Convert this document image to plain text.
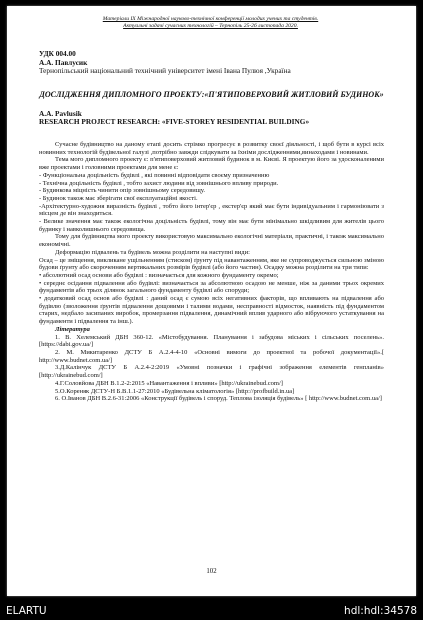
Матеріали ІХ Міжнародної науково-технічної конференції молодих учених та студентів.
Актуальні задачі сучасних технологій – Тернопіль 25-26 листопада 2020.
УДК 004.00
А.А. Павлусик
Тернопільський національний технічний університет імені Івана Пулюя ,Україна
ДОСЛІДЖЕННЯ ДИПЛОМНОГО ПРОЕКТУ:«П'ЯТИПОВЕРХОВИЙ ЖИТЛОВИЙ БУДИНОК»
A.A. Pavlusik
RESEARCH PROJECT RESEARCH: «FIVE-STOREY RESIDENTIAL BUILDING»

Сучасне будівництво на даному етапі досить стрімко прогресує в розвитку своєї діяльності, і щоб бути в курсі всіх новинних технологій будівельної галузі ,потрібно завжди слідкувати за їхніми дослідженнями,винаходами і новинами.

Тема мого дипломного проекту є: п'ятиповерховий житловий будинок в м. Києві. Я проектую його за удосконаленими вже проектами і головними проектами для мене є:

- Функціональна доцільність будівлі , які повинні відповідати своєму призначенню

- Технічна доцільність будівлі , тобто захист людини від зовнішнього впливу природи.

- Будинкова міцність чинити опір зовнішньому середовищу.

- Будинок також має зберігати свої експлуатаційні якості.

-Архітектурно-художня виразність будівлі , тобто його інтер'єр , екстер'єр який має бути індивідуальним і гармоніювати з місцем де він знаходиться.

- Велике значення має також екологічна доцільність будівлі, тому він має бути мінімально шкідливим для жителів цього будинку і навколишнього середовища.

Тому для будівництва мого проекту використовую максимально екологічні матеріали, практичні, і також максимально економічні.

Деформацію підвалень та будівель можна розділити на наступні види:

Осад – це зміщення, викликане ущільненням (стиском) ґрунту під навантаженням, яке не супроводжується сильною зміною будови ґрунту або скороченням вертикальних розмірів будівлі (або його частин). Осадку можна розділити на три типи:

• абсолютний осад основи або будівлі : визначається для кожного фундаменту окремо;

• середнє осідання підвалення або будівлі: визначається за абсолютною осадою не менше, ніж за даними трьох окремих фундаментів або трьох ділянок загального фундаменту будівлі або споруди;

• додатковий осад основ або будівлі : даний осад є сумою всіх негативних факторів, що впливають на підвалення або будівлю (зволоження ґрунтів підвалення дощовими і талими водами, несправності відмосток, наявність під фундаментом старих, недбало засипаних виробок, промерзання підвалення, динамічний вплив ударного або вібруючого устаткування на фундаменти і підвалення та інш.).

Література

1. В. Хелемський ДБН 360-12. «Містобудування. Планування і забудова міських і сільських поселень». [https://dabi.gov.ua/]

2. М. Микитаренко ДСТУ Б А.2.4-4-10 «Основні вимоги до проектної та робочої документації».[ http://www.budnet.com.ua/]

3.Д.Калінчук ДСТУ Б А.2.4-2:2019 «Умовні позначки і графічні зображення елементів генпланів» [http://ukrainebud.com/]

4.Г.Соловйова ДБН В.1.2-2:2015 «Навантаження і впливи» [http://ukrainebud.com/]

5.О.Кореняк ДСТУ-Н Б.В.1.1-27:2010 «Будівельна кліматологія» [http://profbuild.in.ua]

6. О.Іванов ДБН В.2.6-31:2006 «Конструкції будівель і споруд. Теплова ізоляція будівель» [ http://www.budnet.com.ua/]

102
ELARTU	hdl:hdl:34578
